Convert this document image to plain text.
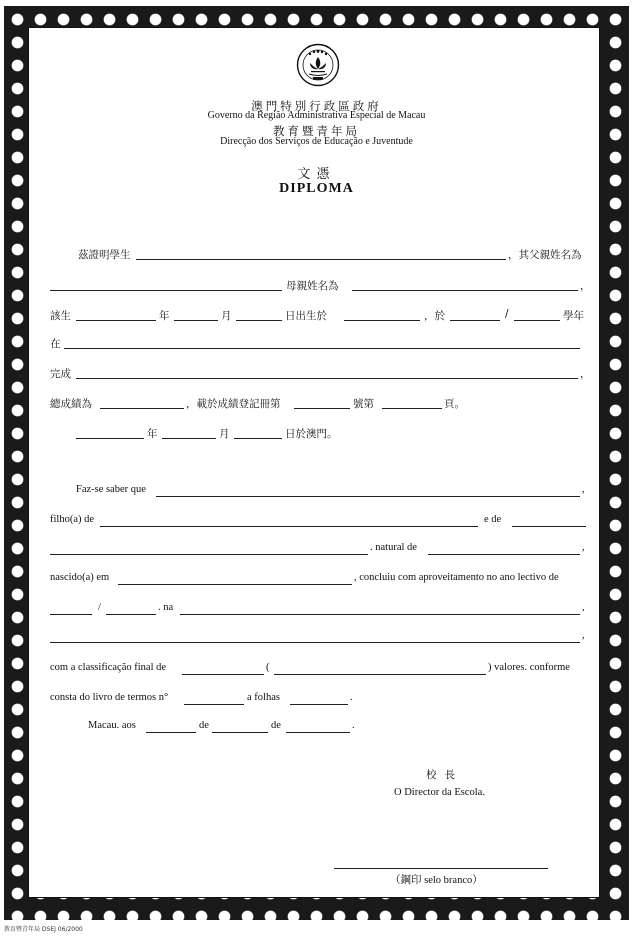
澳門特別行政區政府
Governo da Região Administrativa Especial de Macau
教育暨青年局
Direcção dos Serviços de Educação e Juventude
文憑
DIPLOMA
茲證明學生	，其父親姓名為
母親姓名為	，
該生	年	月	日出生於	，於	/	學年
在
完成	，
總成績為	，載於成績登記冊第	號第	頁。
年	月	日於澳門。
Faz-se saber que	,
filho(a) de	e de
. natural de	,
nascido(a) em	, concluiu com aproveitamento no ano lectivo de
/	. na	,
,
com a classificação final de	(	) valores. conforme
consta do livro de termos n°	a folhas	.
Macau. aos	de	de	.
校長
O Director da Escola.
（鋼印 selo branco）
教育暨青年局 DSEJ 06/2000
